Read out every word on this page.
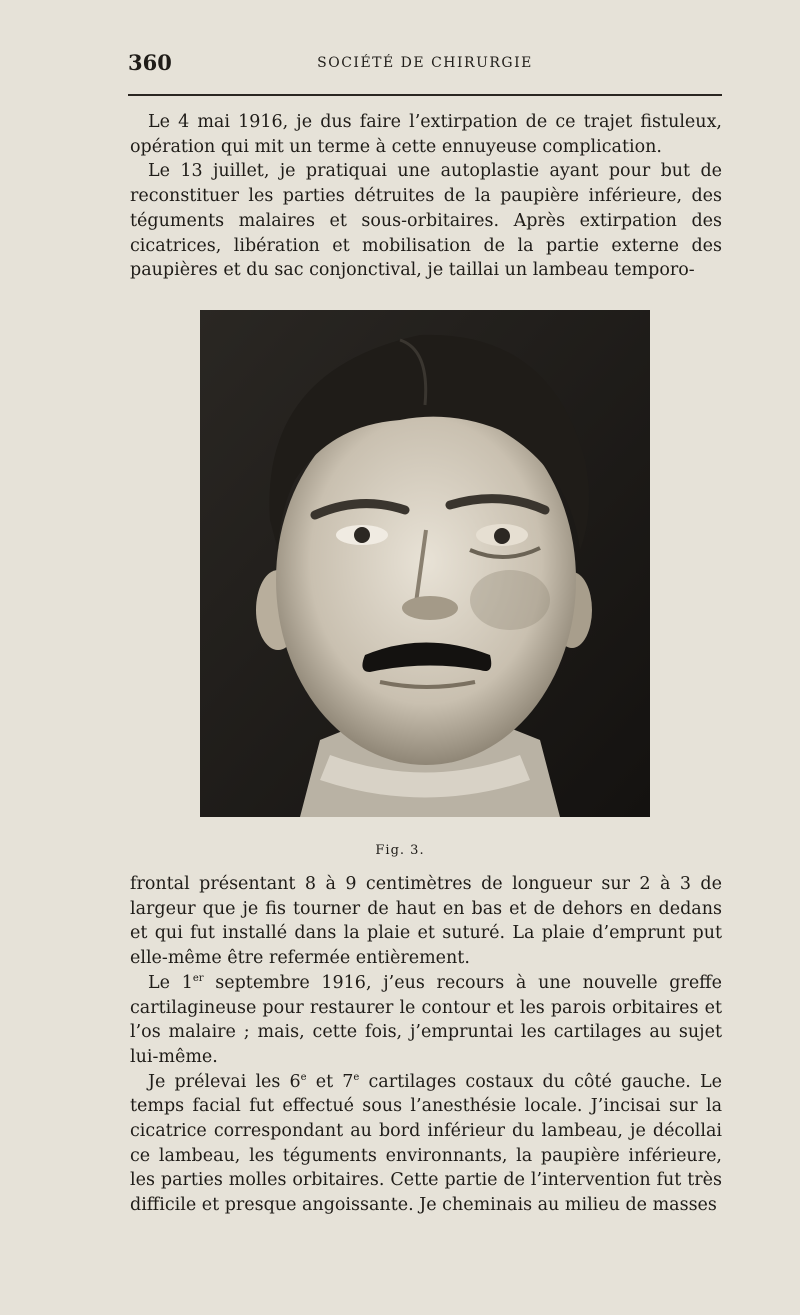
360	SOCIÉTÉ DE CHIRURGIE

Le 4 mai 1916, je dus faire l’extirpation de ce trajet fistuleux, opération qui mit un terme à cette ennuyeuse complication.

Le 13 juillet, je pratiquai une autoplastie ayant pour but de reconstituer les parties détruites de la paupière inférieure, des téguments malaires et sous-orbitaires. Après extirpation des cicatrices, libération et mobilisation de la partie externe des paupières et du sac conjonctival, je taillai un lambeau temporo-

Fig. 3.

frontal présentant 8 à 9 centimètres de longueur sur 2 à 3 de largeur que je fis tourner de haut en bas et de dehors en dedans et qui fut installé dans la plaie et suturé. La plaie d’emprunt put elle-même être refermée entièrement.

Le 1er septembre 1916, j’eus recours à une nouvelle greffe cartilagineuse pour restaurer le contour et les parois orbitaires et l’os malaire ; mais, cette fois, j’empruntai les cartilages au sujet lui-même.

Je prélevai les 6e et 7e cartilages costaux du côté gauche. Le temps facial fut effectué sous l’anesthésie locale. J’incisai sur la cicatrice correspondant au bord inférieur du lambeau, je décollai ce lambeau, les téguments environnants, la paupière inférieure, les parties molles orbitaires. Cette partie de l’intervention fut très difficile et presque angoissante. Je cheminais au milieu de masses
